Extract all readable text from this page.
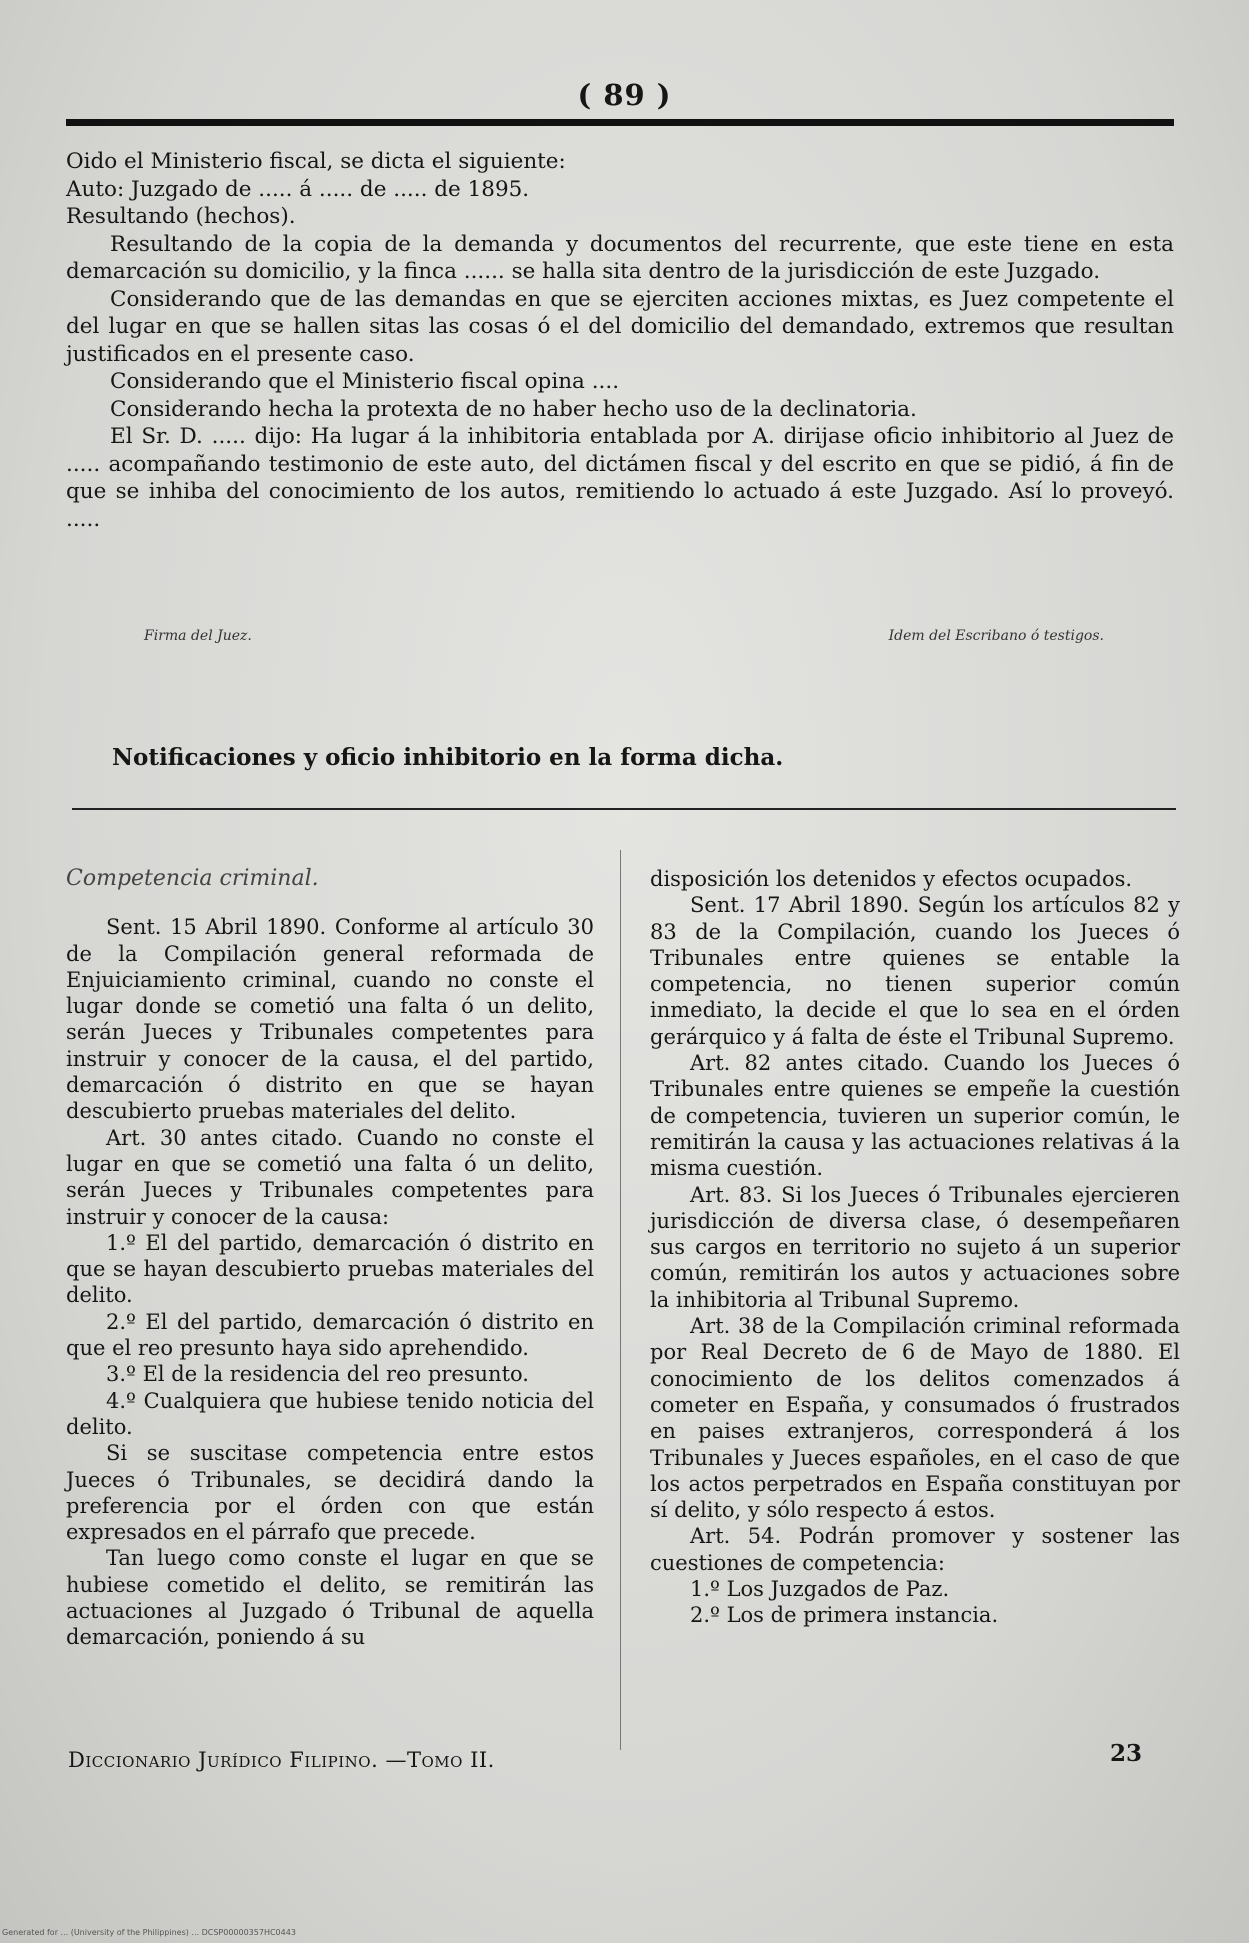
( 89 )

Oido el Ministerio fiscal, se dicta el siguiente:

Auto: Juzgado de ..... á ..... de ..... de 1895.

Resultando (hechos).

Resultando de la copia de la demanda y documentos del recurrente, que este tiene en esta demarcación su domicilio, y la finca ...... se halla sita dentro de la jurisdicción de este Juzgado.

Considerando que de las demandas en que se ejerciten acciones mixtas, es Juez competente el del lugar en que se hallen sitas las cosas ó el del domicilio del demandado, extremos que resultan justificados en el presente caso.

Considerando que el Ministerio fiscal opina ....

Considerando hecha la protexta de no haber hecho uso de la declinatoria.

El Sr. D. ..... dijo: Ha lugar á la inhibitoria entablada por A. dirijase oficio inhibitorio al Juez de ..... acompañando testimonio de este auto, del dictámen fiscal y del escrito en que se pidió, á fin de que se inhiba del conocimiento de los autos, remitiendo lo actuado á este Juzgado. Así lo proveyó. .....

Firma del Juez.	Idem del Escribano ó testigos.
Notificaciones y oficio inhibitorio en la forma dicha.

Competencia criminal.

Sent. 15 Abril 1890. Conforme al artículo 30 de la Compilación general reformada de Enjuiciamiento criminal, cuando no conste el lugar donde se cometió una falta ó un delito, serán Jueces y Tribunales competentes para instruir y conocer de la causa, el del partido, demarcación ó distrito en que se hayan descubierto pruebas materiales del delito.

Art. 30 antes citado. Cuando no conste el lugar en que se cometió una falta ó un delito, serán Jueces y Tribunales competentes para instruir y conocer de la causa:

1.º El del partido, demarcación ó distrito en que se hayan descubierto pruebas materiales del delito.

2.º El del partido, demarcación ó distrito en que el reo presunto haya sido aprehendido.

3.º El de la residencia del reo presunto.

4.º Cualquiera que hubiese tenido noticia del delito.

Si se suscitase competencia entre estos Jueces ó Tribunales, se decidirá dando la preferencia por el órden con que están expresados en el párrafo que precede.

Tan luego como conste el lugar en que se hubiese cometido el delito, se remitirán las actuaciones al Juzgado ó Tribunal de aquella demarcación, poniendo á su

disposición los detenidos y efectos ocupados.

Sent. 17 Abril 1890. Según los artículos 82 y 83 de la Compilación, cuando los Jueces ó Tribunales entre quienes se entable la competencia, no tienen superior común inmediato, la decide el que lo sea en el órden gerárquico y á falta de éste el Tribunal Supremo.

Art. 82 antes citado. Cuando los Jueces ó Tribunales entre quienes se empeñe la cuestión de competencia, tuvieren un superior común, le remitirán la causa y las actuaciones relativas á la misma cuestión.

Art. 83. Si los Jueces ó Tribunales ejercieren jurisdicción de diversa clase, ó desempeñaren sus cargos en territorio no sujeto á un superior común, remitirán los autos y actuaciones sobre la inhibitoria al Tribunal Supremo.

Art. 38 de la Compilación criminal reformada por Real Decreto de 6 de Mayo de 1880. El conocimiento de los delitos comenzados á cometer en España, y consumados ó frustrados en paises extranjeros, corresponderá á los Tribunales y Jueces españoles, en el caso de que los actos perpetrados en España constituyan por sí delito, y sólo respecto á estos.

Art. 54. Podrán promover y sostener las cuestiones de competencia:

1.º Los Juzgados de Paz.

2.º Los de primera instancia.

Diccionario Jurídico Filipino. —Tomo II.	23
Generated for ... (University of the Philippines) ... DCSP00000357HC0443
